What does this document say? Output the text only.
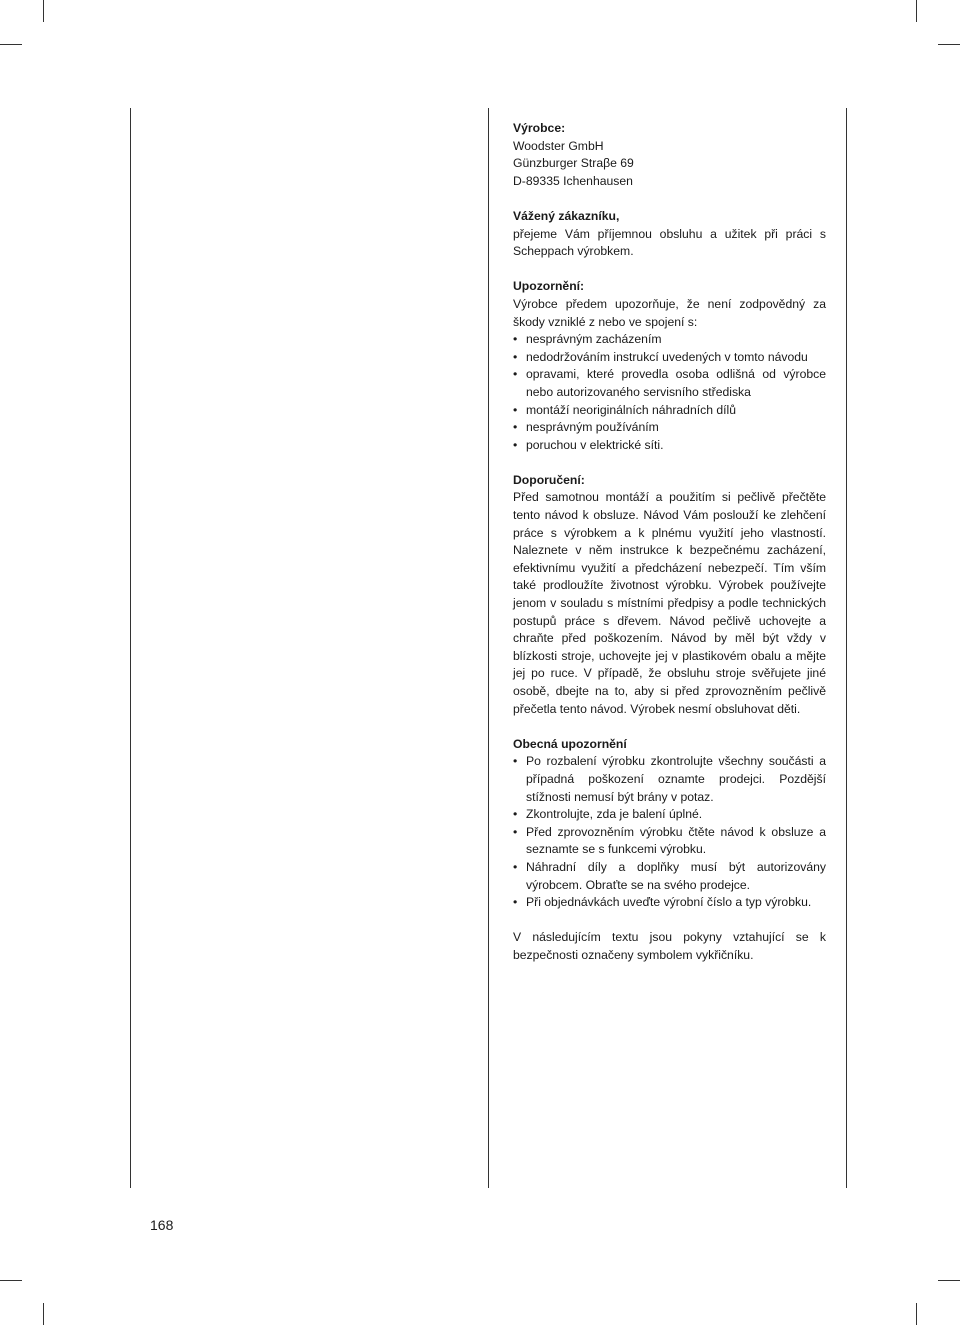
Výrobce:
Woodster GmbH
Günzburger Straβe 69
D-89335 Ichenhausen
Vážený zákazníku,
přejeme Vám příjemnou obsluhu a užitek při práci s Scheppach výrobkem.
Upozornění:
Výrobce předem upozorňuje, že není zodpovědný za škody vzniklé z nebo ve spojení s:
• nesprávným zacházením
• nedodržováním instrukcí uvedených v tomto návodu
• opravami, které provedla osoba odlišná od výrobce nebo autorizovaného servisního střediska
• montáží neoriginálních náhradních dílů
• nesprávným používáním
• poruchou v elektrické síti.
Doporučení:
Před samotnou montáží a použitím si pečlivě přečtěte tento návod k obsluze. Návod Vám poslouží ke zlehčení práce s výrobkem a k plnému využití jeho vlastností. Naleznete v něm instrukce k bezpečnému zacházení, efektivnímu využití a předcházení nebezpečí. Tím vším také prodloužíte životnost výrobku. Výrobek používejte jenom v souladu s místními předpisy a podle technických postupů práce s dřevem. Návod pečlivě uchovejte a chraňte před poškozením. Návod by měl být vždy v blízkosti stroje, uchovejte jej v plastikovém obalu a mějte jej po ruce. V případě, že obsluhu stroje svěřujete jiné osobě, dbejte na to, aby si před zprovozněním pečlivě přečetla tento návod. Výrobek nesmí obsluhovat děti.
Obecná upozornění
• Po rozbalení výrobku zkontrolujte všechny součásti a případná poškození oznamte prodejci. Pozdější stížnosti nemusí být brány v potaz.
• Zkontrolujte, zda je balení úplné.
• Před zprovozněním výrobku čtěte návod k obsluze a seznamte se s funkcemi výrobku.
• Náhradní díly a doplňky musí být autorizovány výrobcem. Obraťte se na svého prodejce.
• Při objednávkách uveďte výrobní číslo a typ výrobku.
V následujícím textu jsou pokyny vztahující se k bezpečnosti označeny symbolem vykřičníku.
168
